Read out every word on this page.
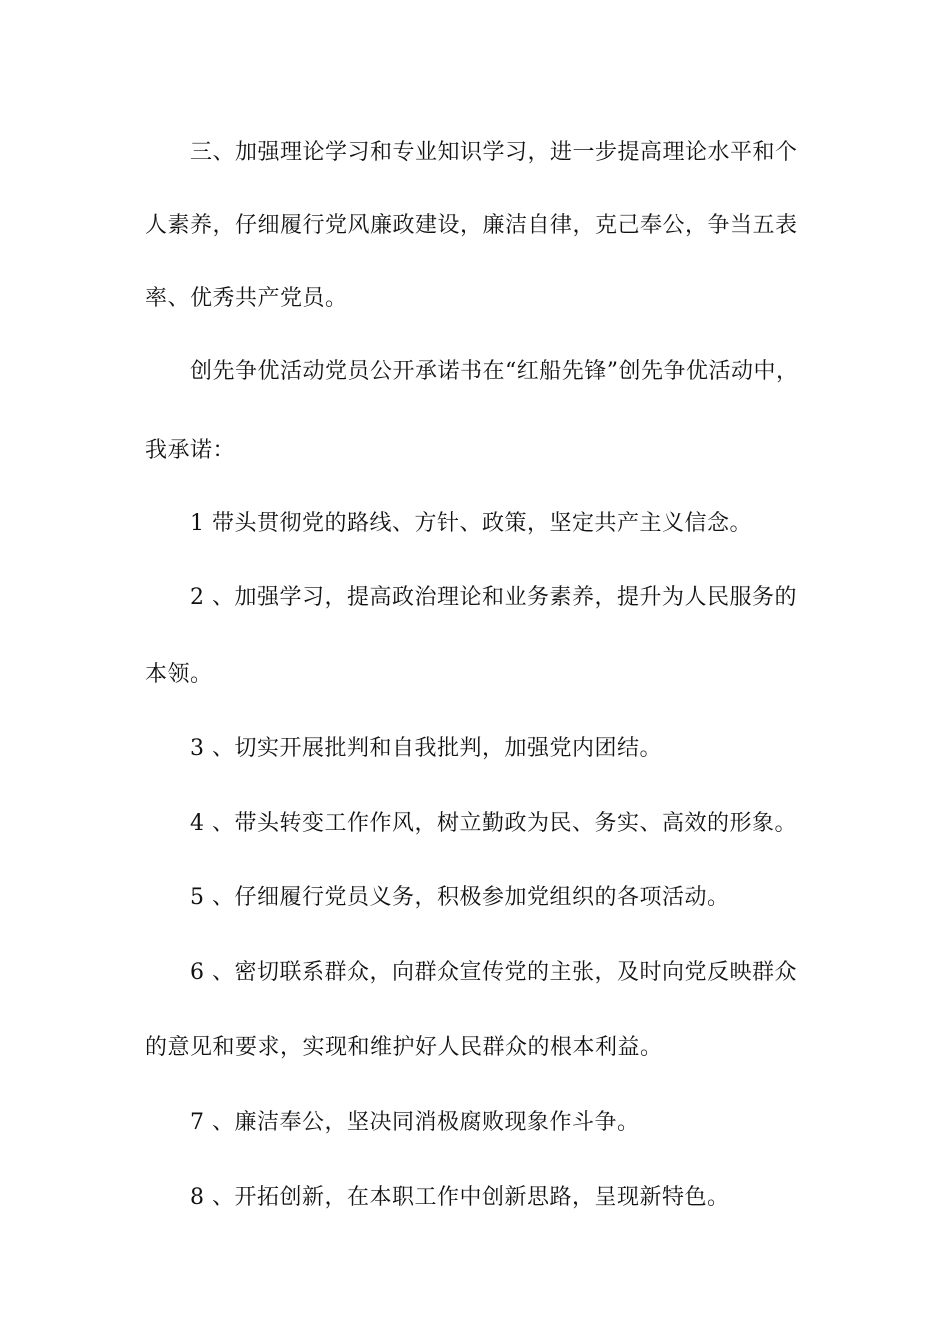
三、加强理论学习和专业知识学习，进一步提高理论水平和个
人素养，仔细履行党风廉政建设，廉洁自律，克己奉公，争当五表
率、优秀共产党员。
创先争优活动党员公开承诺书在“红船先锋”创先争优活动中，
我承诺：
1 带头贯彻党的路线、方针、政策，坚定共产主义信念。
2 、加强学习，提高政治理论和业务素养，提升为人民服务的
本领。
3 、切实开展批判和自我批判，加强党内团结。
4 、带头转变工作作风，树立勤政为民、务实、高效的形象。
5 、仔细履行党员义务，积极参加党组织的各项活动。
6 、密切联系群众，向群众宣传党的主张，及时向党反映群众
的意见和要求，实现和维护好人民群众的根本利益。
7 、廉洁奉公，坚决同消极腐败现象作斗争。
8 、开拓创新，在本职工作中创新思路，呈现新特色。
